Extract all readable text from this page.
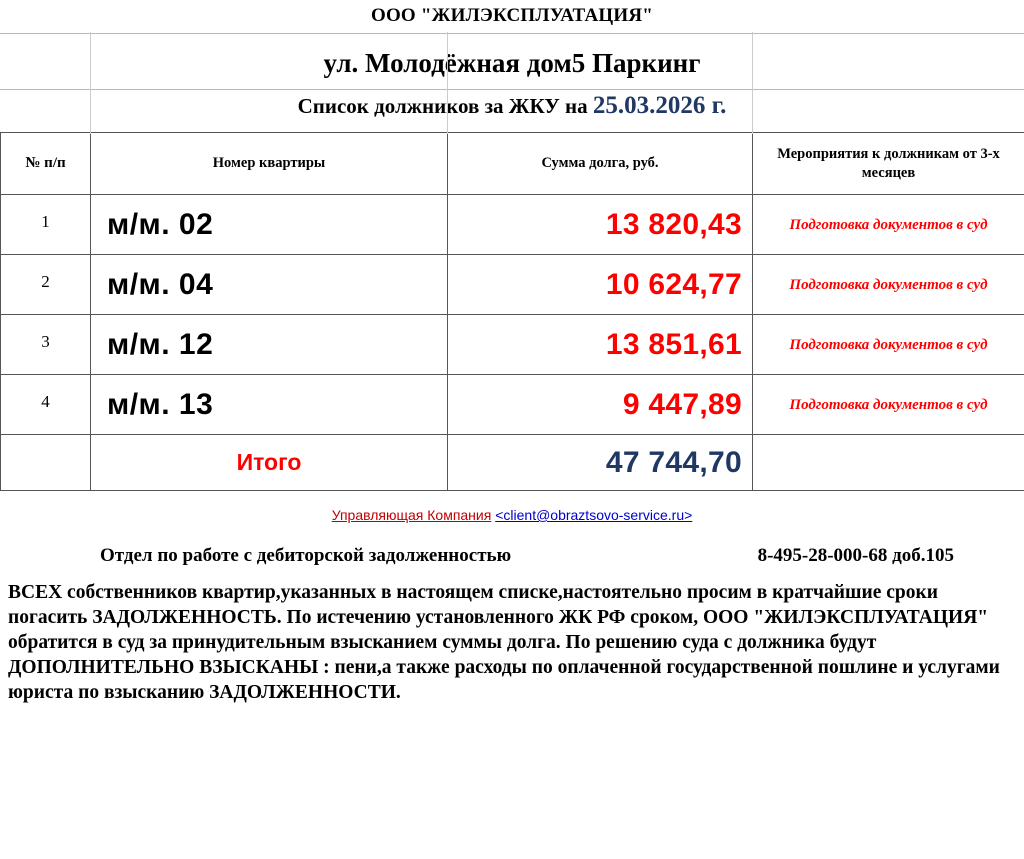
ООО "ЖИЛЭКСПЛУАТАЦИЯ"
ул. Молодёжная дом5 Паркинг
Список должников за ЖКУ на 25.03.2026 г.
№ п/п	Номер квартиры	Сумма долга, руб.	Мероприятия к должникам от 3-х месяцев
1	м/м. 02	13 820,43	Подготовка документов в суд
2	м/м. 04	10 624,77	Подготовка документов в суд
3	м/м. 12	13 851,61	Подготовка документов в суд
4	м/м. 13	9 447,89	Подготовка документов в суд
	Итого	47 744,70	
Управляющая Компания <client@obraztsovo-service.ru>
Отдел по работе с дебиторской задолженностью	8-495-28-000-68 доб.105
ВСЕХ собственников квартир,указанных в настоящем списке,настоятельно просим в кратчайшие сроки погасить ЗАДОЛЖЕННОСТЬ. По истечению установленного ЖК РФ сроком, ООО "ЖИЛЭКСПЛУАТАЦИЯ" обратится в суд за принудительным взысканием суммы долга. По решению суда с должника будут ДОПОЛНИТЕЛЬНО ВЗЫСКАНЫ : пени,а также расходы по оплаченной государственной пошлине и услугами юриста по взысканию ЗАДОЛЖЕННОСТИ.
